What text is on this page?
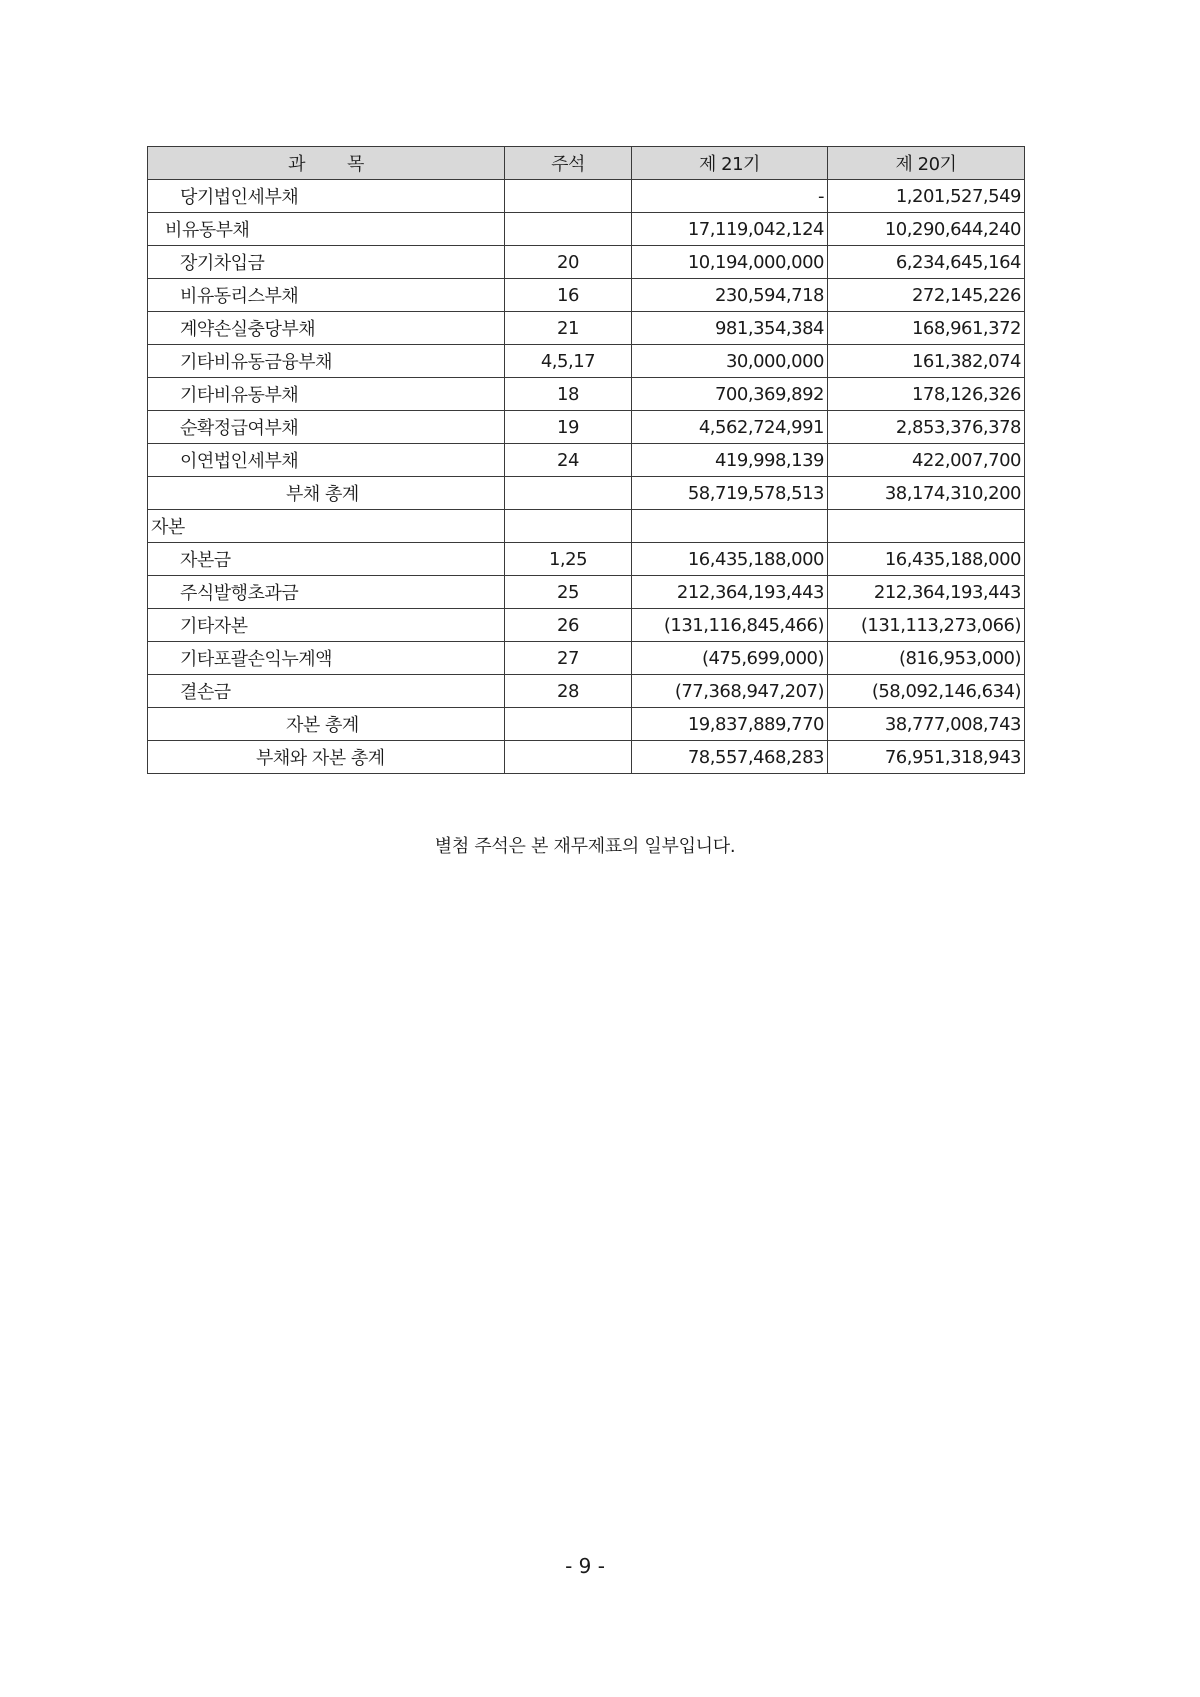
과 목	주석	제 21기	제 20기
당기법인세부채		-	1,201,527,549
비유동부채		17,119,042,124	10,290,644,240
장기차입금	20	10,194,000,000	6,234,645,164
비유동리스부채	16	230,594,718	272,145,226
계약손실충당부채	21	981,354,384	168,961,372
기타비유동금융부채	4,5,17	30,000,000	161,382,074
기타비유동부채	18	700,369,892	178,126,326
순확정급여부채	19	4,562,724,991	2,853,376,378
이연법인세부채	24	419,998,139	422,007,700
부채 총계		58,719,578,513	38,174,310,200
자본			
자본금	1,25	16,435,188,000	16,435,188,000
주식발행초과금	25	212,364,193,443	212,364,193,443
기타자본	26	(131,116,845,466)	(131,113,273,066)
기타포괄손익누계액	27	(475,699,000)	(816,953,000)
결손금	28	(77,368,947,207)	(58,092,146,634)
자본 총계		19,837,889,770	38,777,008,743
부채와 자본 총계		78,557,468,283	76,951,318,943
별첨 주석은 본 재무제표의 일부입니다.
- 9 -
